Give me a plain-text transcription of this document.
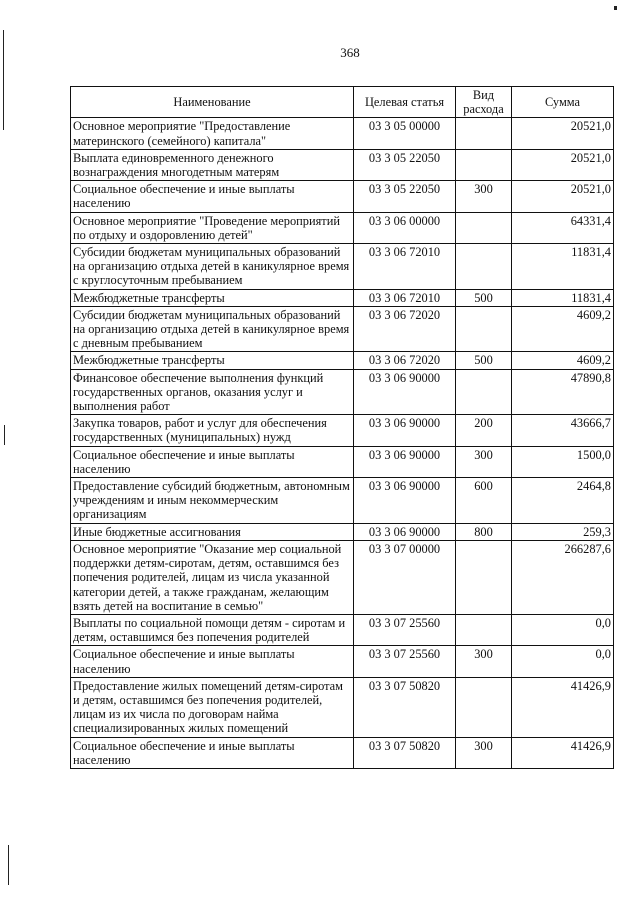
368
Наименование	Целевая статья	Вид расхода	Сумма
Основное мероприятие "Предоставление материнского (семейного) капитала"	03 3 05 00000		20521,0
Выплата единовременного денежного вознаграждения многодетным матерям	03 3 05 22050		20521,0
Социальное обеспечение и иные выплаты населению	03 3 05 22050	300	20521,0
Основное мероприятие "Проведение мероприятий по отдыху и оздоровлению детей"	03 3 06 00000		64331,4
Субсидии бюджетам муниципальных образований на организацию отдыха детей в каникулярное время с круглосуточным пребыванием	03 3 06 72010		11831,4
Межбюджетные трансферты	03 3 06 72010	500	11831,4
Субсидии бюджетам муниципальных образований на организацию отдыха детей в каникулярное время с дневным пребыванием	03 3 06 72020		4609,2
Межбюджетные трансферты	03 3 06 72020	500	4609,2
Финансовое обеспечение выполнения функций государственных органов, оказания услуг и выполнения работ	03 3 06 90000		47890,8
Закупка товаров, работ и услуг для обеспечения государственных (муниципальных) нужд	03 3 06 90000	200	43666,7
Социальное обеспечение и иные выплаты населению	03 3 06 90000	300	1500,0
Предоставление субсидий бюджетным, автономным учреждениям и иным некоммерческим организациям	03 3 06 90000	600	2464,8
Иные бюджетные ассигнования	03 3 06 90000	800	259,3
Основное мероприятие "Оказание мер социальной поддержки детям-сиротам, детям, оставшимся без попечения родителей, лицам из числа указанной категории детей, а также гражданам, желающим взять детей на воспитание в семью"	03 3 07 00000		266287,6
Выплаты по социальной помощи детям - сиротам и детям, оставшимся без попечения родителей	03 3 07 25560		0,0
Социальное обеспечение и иные выплаты населению	03 3 07 25560	300	0,0
Предоставление жилых помещений детям-сиротам и детям, оставшимся без попечения родителей, лицам из их числа по договорам найма специализированных жилых помещений	03 3 07 50820		41426,9
Социальное обеспечение и иные выплаты населению	03 3 07 50820	300	41426,9
